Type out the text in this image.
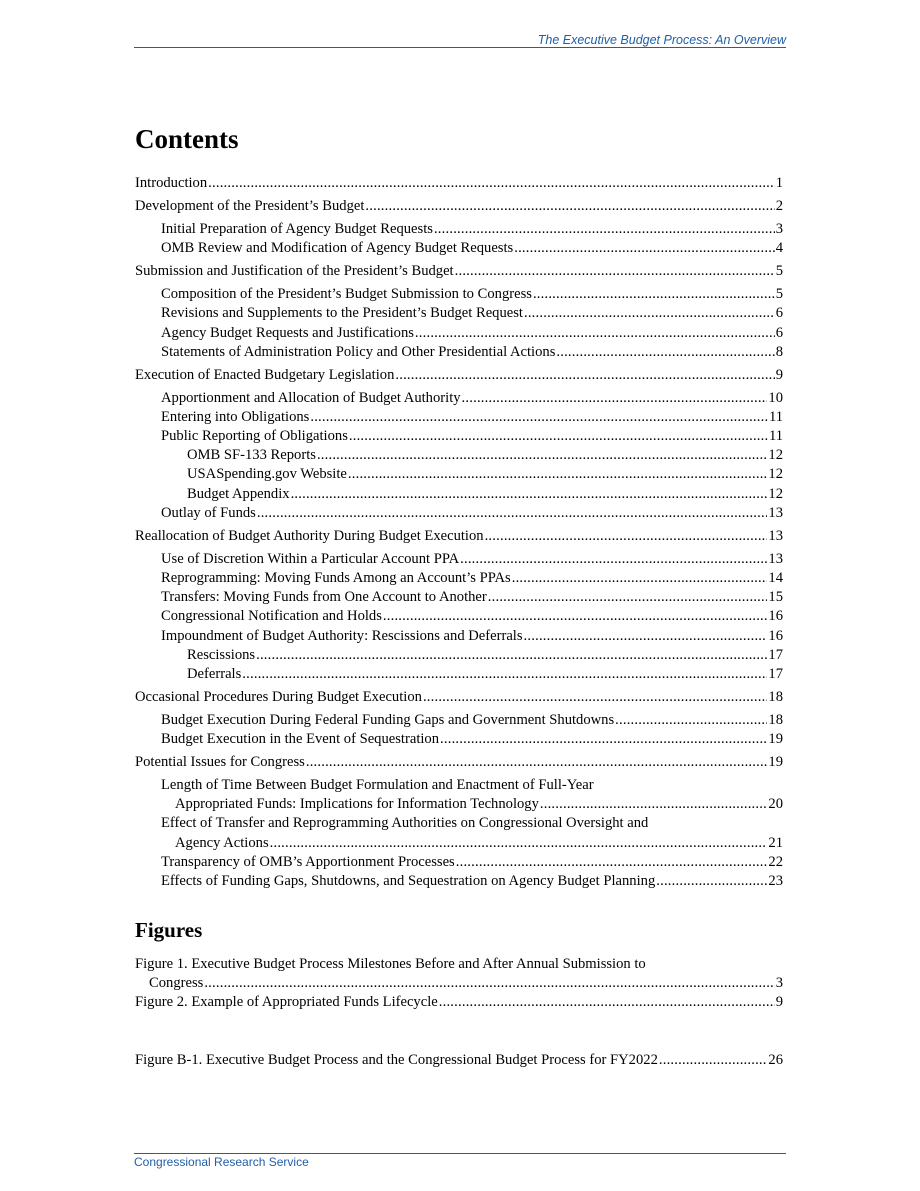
The Executive Budget Process: An Overview
Contents
Introduction .....	1
Development of the President’s Budget .....	2
Initial Preparation of Agency Budget Requests .....	3
OMB Review and Modification of Agency Budget Requests .....	4
Submission and Justification of the President’s Budget .....	5
Composition of the President’s Budget Submission to Congress .....	5
Revisions and Supplements to the President’s Budget Request .....	6
Agency Budget Requests and Justifications .....	6
Statements of Administration Policy and Other Presidential Actions .....	8
Execution of Enacted Budgetary Legislation .....	9
Apportionment and Allocation of Budget Authority .....	10
Entering into Obligations .....	11
Public Reporting of Obligations .....	11
OMB SF-133 Reports .....	12
USASpending.gov Website .....	12
Budget Appendix .....	12
Outlay of Funds .....	13
Reallocation of Budget Authority During Budget Execution .....	13
Use of Discretion Within a Particular Account PPA .....	13
Reprogramming: Moving Funds Among an Account’s PPAs .....	14
Transfers: Moving Funds from One Account to Another .....	15
Congressional Notification and Holds .....	16
Impoundment of Budget Authority: Rescissions and Deferrals .....	16
Rescissions .....	17
Deferrals .....	17
Occasional Procedures During Budget Execution .....	18
Budget Execution During Federal Funding Gaps and Government Shutdowns .....	18
Budget Execution in the Event of Sequestration .....	19
Potential Issues for Congress .....	19
Length of Time Between Budget Formulation and Enactment of Full-Year
Appropriated Funds: Implications for Information Technology .....	20
Effect of Transfer and Reprogramming Authorities on Congressional Oversight and
Agency Actions .....	21
Transparency of OMB’s Apportionment Processes .....	22
Effects of Funding Gaps, Shutdowns, and Sequestration on Agency Budget Planning .....	23
Figures
Figure 1. Executive Budget Process Milestones Before and After Annual Submission to
Congress .....	3
Figure 2. Example of Appropriated Funds Lifecycle .....	9
Figure B-1. Executive Budget Process and the Congressional Budget Process for FY2022 .....	26
Congressional Research Service
